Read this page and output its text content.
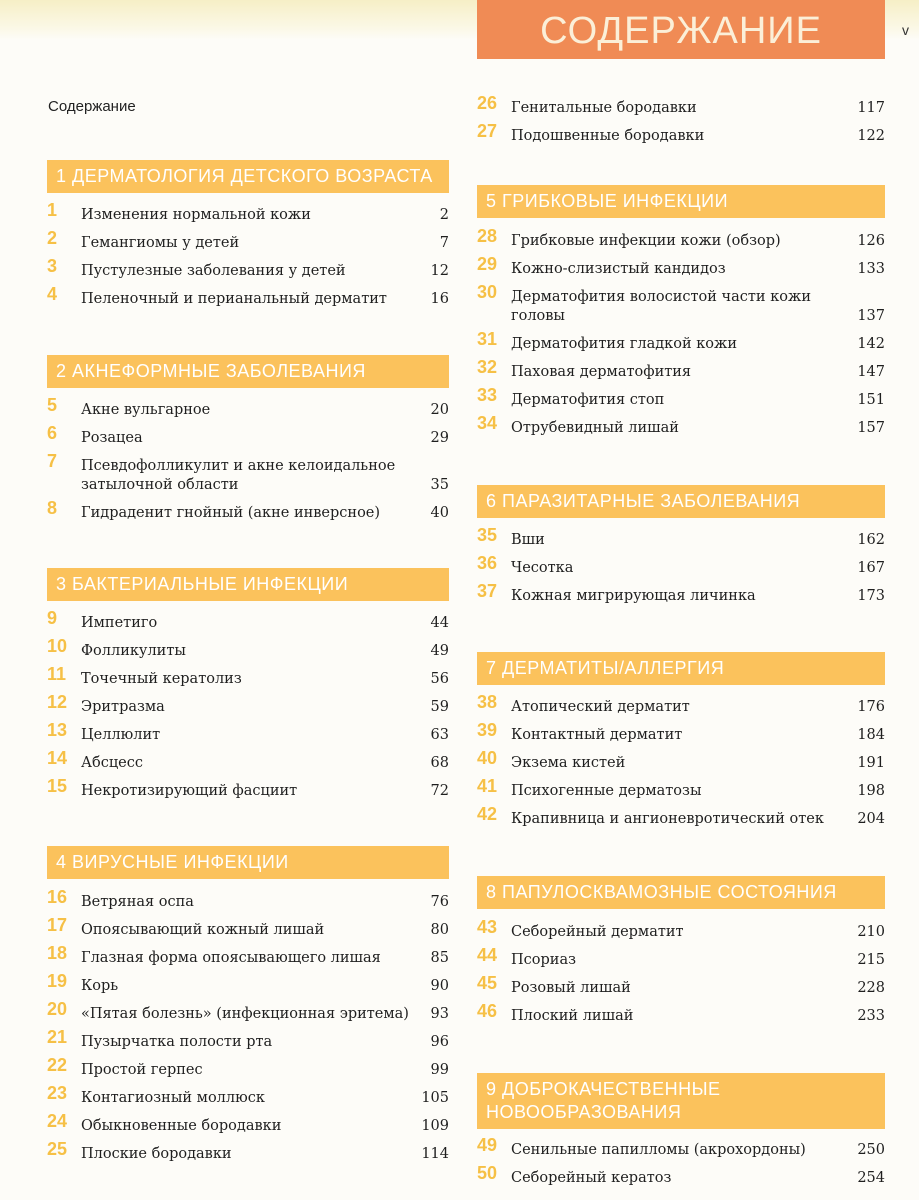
СОДЕРЖАНИЕ	v
Содержание
1 ДЕРМАТОЛОГИЯ ДЕТСКОГО ВОЗРАСТА
1 Изменения нормальной кожи	2
2 Гемангиомы у детей	7
3 Пустулезные заболевания у детей	12
4 Пеленочный и перианальный дерматит	16
2 АКНЕФОРМНЫЕ ЗАБОЛЕВАНИЯ
5 Акне вульгарное	20
6 Розацеа	29
7 Псевдофолликулит и акне келоидальное
затылочной области	35
8 Гидраденит гнойный (акне инверсное)	40
3 БАКТЕРИАЛЬНЫЕ ИНФЕКЦИИ
9 Импетиго	44
10 Фолликулиты	49
11 Точечный кератолиз	56
12 Эритразма	59
13 Целлюлит	63
14 Абсцесс	68
15 Некротизирующий фасциит	72
4 ВИРУСНЫЕ ИНФЕКЦИИ
16 Ветряная оспа	76
17 Опоясывающий кожный лишай	80
18 Глазная форма опоясывающего лишая	85
19 Корь	90
20 «Пятая болезнь» (инфекционная эритема) 93
21 Пузырчатка полости рта	96
22 Простой герпес	99
23 Контагиозный моллюск	105
24 Обыкновенные бородавки	109
25 Плоские бородавки	114
26 Генитальные бородавки	117
27 Подошвенные бородавки	122
5 ГРИБКОВЫЕ ИНФЕКЦИИ
28 Грибковые инфекции кожи (обзор)	126
29 Кожно-слизистый кандидоз	133
30 Дерматофития волосистой части кожи
головы	137
31 Дерматофития гладкой кожи	142
32 Паховая дерматофития	147
33 Дерматофития стоп	151
34 Отрубевидный лишай	157
6 ПАРАЗИТАРНЫЕ ЗАБОЛЕВАНИЯ
35 Вши	162
36 Чесотка	167
37 Кожная мигрирующая личинка	173
7 ДЕРМАТИТЫ/АЛЛЕРГИЯ
38 Атопический дерматит	176
39 Контактный дерматит	184
40 Экзема кистей	191
41 Психогенные дерматозы	198
42 Крапивница и ангионевротический отек 204
8 ПАПУЛОСКВАМОЗНЫЕ СОСТОЯНИЯ
43 Себорейный дерматит	210
44 Псориаз	215
45 Розовый лишай	228
46 Плоский лишай	233
9 ДОБРОКАЧЕСТВЕННЫЕ
НОВООБРАЗОВАНИЯ
49 Сенильные папилломы (акрохордоны)	250
50 Себорейный кератоз	254
